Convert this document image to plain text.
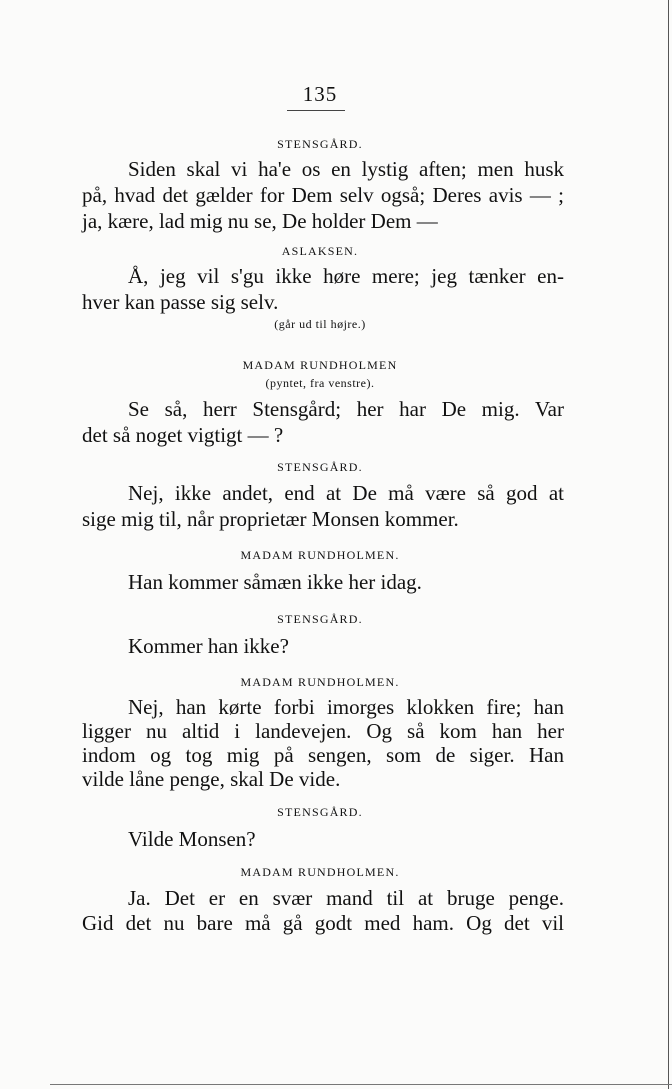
135
STENSGÅRD.
Siden skal vi ha'e os en lystig aften; men husk
på, hvad det gælder for Dem selv også; Deres avis — ;
ja, kære, lad mig nu se, De holder Dem —
ASLAKSEN.
Å, jeg vil s'gu ikke høre mere; jeg tænker en-
hver kan passe sig selv.
(går ud til højre.)
MADAM RUNDHOLMEN
(pyntet, fra venstre).
Se så, herr Stensgård; her har De mig. Var
det så noget vigtigt — ?
STENSGÅRD.
Nej, ikke andet, end at De må være så god at
sige mig til, når proprietær Monsen kommer.
MADAM RUNDHOLMEN.
Han kommer såmæn ikke her idag.
STENSGÅRD.
Kommer han ikke?
MADAM RUNDHOLMEN.
Nej, han kørte forbi imorges klokken fire; han
ligger nu altid i landevejen. Og så kom han her
indom og tog mig på sengen, som de siger. Han
vilde låne penge, skal De vide.
STENSGÅRD.
Vilde Monsen?
MADAM RUNDHOLMEN.
Ja. Det er en svær mand til at bruge penge.
Gid det nu bare må gå godt med ham. Og det vil
